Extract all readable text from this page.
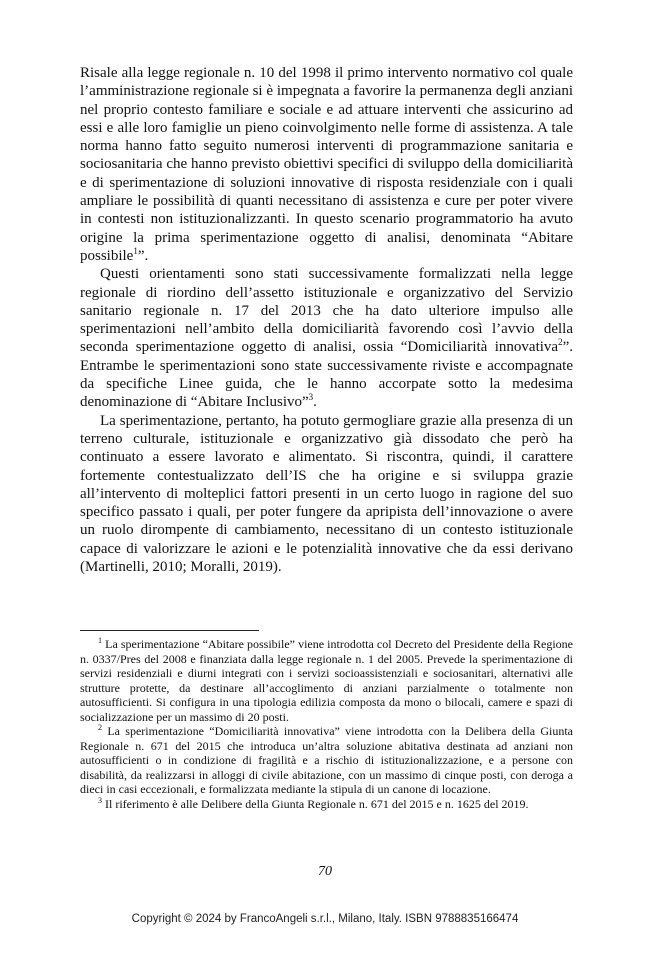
Risale alla legge regionale n. 10 del 1998 il primo intervento normativo col quale l’amministrazione regionale si è impegnata a favorire la permanenza degli anziani nel proprio contesto familiare e sociale e ad attuare interventi che assicurino ad essi e alle loro famiglie un pieno coinvolgimento nelle forme di assistenza. A tale norma hanno fatto seguito numerosi interventi di programmazione sanitaria e sociosanitaria che hanno previsto obiettivi specifici di sviluppo della domiciliarità e di sperimentazione di soluzioni innovative di risposta residenziale con i quali ampliare le possibilità di quanti necessitano di assistenza e cure per poter vivere in contesti non istituzionalizzanti. In questo scenario programmatorio ha avuto origine la prima sperimentazione oggetto di analisi, denominata “Abitare possibile$^1$”.

Questi orientamenti sono stati successivamente formalizzati nella legge regionale di riordino dell’assetto istituzionale e organizzativo del Servizio sanitario regionale n. 17 del 2013 che ha dato ulteriore impulso alle sperimentazioni nell’ambito della domiciliarità favorendo così l’avvio della seconda sperimentazione oggetto di analisi, ossia “Domiciliarità innovativa$^2$”. Entrambe le sperimentazioni sono state successivamente riviste e accompagnate da specifiche Linee guida, che le hanno accorpate sotto la medesima denominazione di “Abitare Inclusivo”$^3$.

La sperimentazione, pertanto, ha potuto germogliare grazie alla presenza di un terreno culturale, istituzionale e organizzativo già dissodato che però ha continuato a essere lavorato e alimentato. Si riscontra, quindi, il carattere fortemente contestualizzato dell’IS che ha origine e si sviluppa grazie all’intervento di molteplici fattori presenti in un certo luogo in ragione del suo specifico passato i quali, per poter fungere da apripista dell’innovazione o avere un ruolo dirompente di cambiamento, necessitano di un contesto istituzionale capace di valorizzare le azioni e le potenzialità innovative che da essi derivano (Martinelli, 2010; Moralli, 2019).

$^1$ La sperimentazione “Abitare possibile” viene introdotta col Decreto del Presidente della Regione n. 0337/Pres del 2008 e finanziata dalla legge regionale n. 1 del 2005. Prevede la sperimentazione di servizi residenziali e diurni integrati con i servizi socioassistenziali e sociosanitari, alternativi alle strutture protette, da destinare all’accoglimento di anziani parzialmente o totalmente non autosufficienti. Si configura in una tipologia edilizia composta da mono o bilocali, camere e spazi di socializzazione per un massimo di 20 posti.

$^2$ La sperimentazione “Domiciliarità innovativa” viene introdotta con la Delibera della Giunta Regionale n. 671 del 2015 che introduca un’altra soluzione abitativa destinata ad anziani non autosufficienti o in condizione di fragilità e a rischio di istituzionalizzazione, e a persone con disabilità, da realizzarsi in alloggi di civile abitazione, con un massimo di cinque posti, con deroga a dieci in casi eccezionali, e formalizzata mediante la stipula di un canone di locazione.

$^3$ Il riferimento è alle Delibere della Giunta Regionale n. 671 del 2015 e n. 1625 del 2019.

70
Copyright © 2024 by FrancoAngeli s.r.l., Milano, Italy. ISBN 9788835166474
